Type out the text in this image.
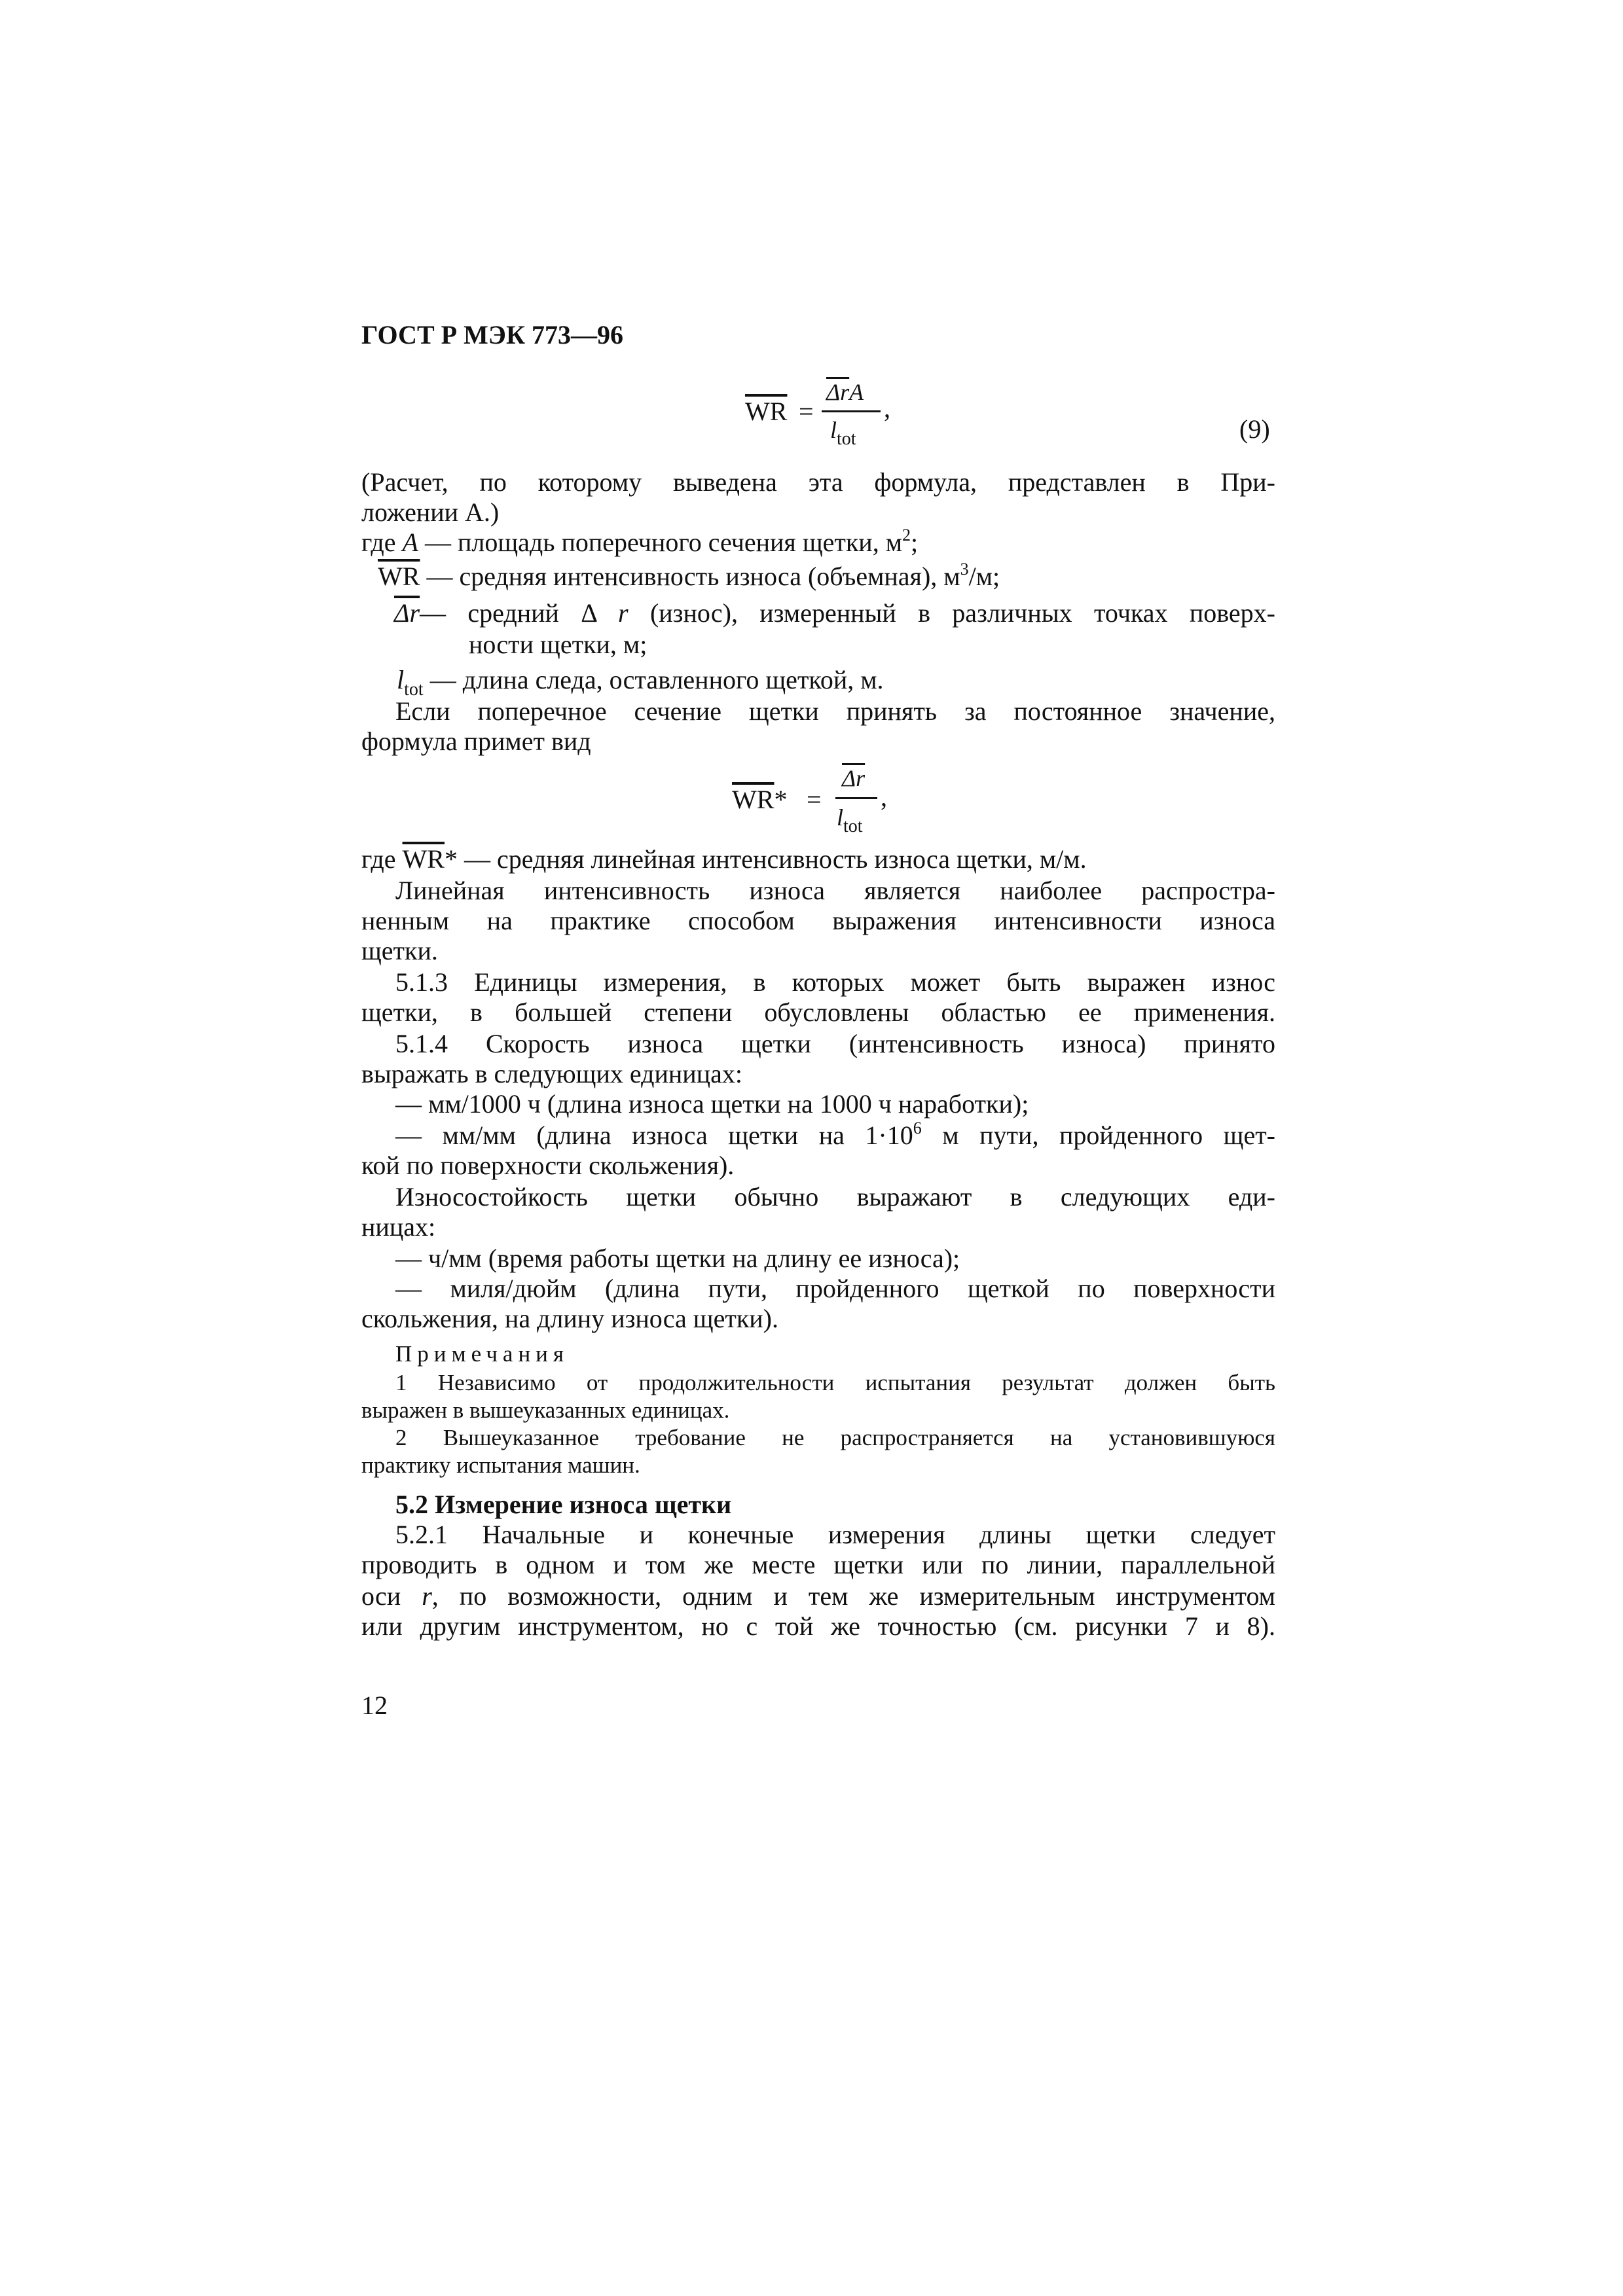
ГОСТ Р МЭК 773—96
$\overline{WR}$ =
$\overline{\Delta r}A$
$l_{tot}$
,
(9)
(Расчет, по которому выведена эта формула, представлен в При-
ложении А.)
где A — площадь поперечного сечения щетки, $м^2$;
$\overline{WR}$ — средняя интенсивность износа (объемная), $м^3/м$;
$\overline{\Delta r}—$ средний Δ r (износ), измеренный в различных точках поверх-
ности щетки, м;
$l_{tot}$ — длина следа, оставленного щеткой, м.
Если поперечное сечение щетки принять за постоянное значение,
формула примет вид
$\overline{WR}*$ =
$\overline{\Delta r}$
$l_{tot}$
,
где $\overline{WR}*$ — средняя линейная интенсивность износа щетки, м/м.
Линейная интенсивность износа является наиболее распростра-
ненным на практике способом выражения интенсивности износа
щетки.
5.1.3 Единицы измерения, в которых может быть выражен износ
щетки, в большей степени обусловлены областью ее применения.
5.1.4 Скорость износа щетки (интенсивность износа) принято
выражать в следующих единицах:
— мм/1000 ч (длина износа щетки на 1000 ч наработки);
— мм/мм (длина износа щетки на $1\cdot 10^6$ м пути, пройденного щет-
кой по поверхности скольжения).
Износостойкость щетки обычно выражают в следующих еди-
ницах:
— ч/мм (время работы щетки на длину ее износа);
— миля/дюйм (длина пути, пройденного щеткой по поверхности
скольжения, на длину износа щетки).
Примечания
1 Независимо от продолжительности испытания результат должен быть
выражен в вышеуказанных единицах.
2 Вышеуказанное требование не распространяется на установившуюся
практику испытания машин.
5.2 Измерение износа щетки
5.2.1 Начальные и конечные измерения длины щетки следует
проводить в одном и том же месте щетки или по линии, параллельной
оси r, по возможности, одним и тем же измерительным инструментом
или другим инструментом, но с той же точностью (см. рисунки 7 и 8).
12
